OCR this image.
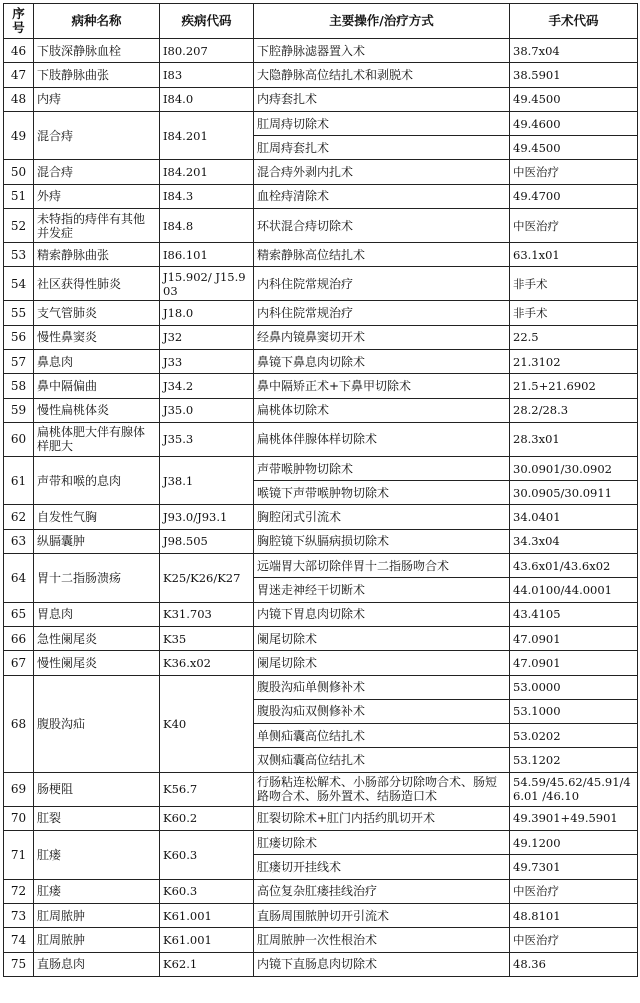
序号	病种名称	疾病代码	主要操作/治疗方式	手术代码
46	下肢深静脉血栓	I80.207	下腔静脉滤器置入术	38.7x04
47	下肢静脉曲张	I83	大隐静脉高位结扎术和剥脱术	38.5901
48	内痔	I84.0	内痔套扎术	49.4500
49	混合痔	I84.201	肛周痔切除术	49.4600
			肛周痔套扎术	49.4500
50	混合痔	I84.201	混合痔外剥内扎术	中医治疗
51	外痔	I84.3	血栓痔清除术	49.4700
52	未特指的痔伴有其他并发症	I84.8	环状混合痔切除术	中医治疗
53	精索静脉曲张	I86.101	精索静脉高位结扎术	63.1x01
54	社区获得性肺炎	J15.902/ J15.903	内科住院常规治疗	非手术
55	支气管肺炎	J18.0	内科住院常规治疗	非手术
56	慢性鼻窦炎	J32	经鼻内镜鼻窦切开术	22.5
57	鼻息肉	J33	鼻镜下鼻息肉切除术	21.3102
58	鼻中隔偏曲	J34.2	鼻中隔矫正术+下鼻甲切除术	21.5+21.6902
59	慢性扁桃体炎	J35.0	扁桃体切除术	28.2/28.3
60	扁桃体肥大伴有腺体样肥大	J35.3	扁桃体伴腺体样切除术	28.3x01
61	声带和喉的息肉	J38.1	声带喉肿物切除术	30.0901/30.0902
			喉镜下声带喉肿物切除术	30.0905/30.0911
62	自发性气胸	J93.0/J93.1	胸腔闭式引流术	34.0401
63	纵膈囊肿	J98.505	胸腔镜下纵膈病损切除术	34.3x04
64	胃十二指肠溃疡	K25/K26/K27	远端胃大部切除伴胃十二指肠吻合术	43.6x01/43.6x02
			胃迷走神经干切断术	44.0100/44.0001
65	胃息肉	K31.703	内镜下胃息肉切除术	43.4105
66	急性阑尾炎	K35	阑尾切除术	47.0901
67	慢性阑尾炎	K36.x02	阑尾切除术	47.0901
68	腹股沟疝	K40	腹股沟疝单侧修补术	53.0000
			腹股沟疝双侧修补术	53.1000
			单侧疝囊高位结扎术	53.0202
			双侧疝囊高位结扎术	53.1202
69	肠梗阻	K56.7	行肠粘连松解术、小肠部分切除吻合术、肠短路吻合术、肠外置术、结肠造口术	54.59/45.62/45.91/46.01 /46.10
70	肛裂	K60.2	肛裂切除术+肛门内括约肌切开术	49.3901+49.5901
71	肛瘘	K60.3	肛瘘切除术	49.1200
			肛瘘切开挂线术	49.7301
72	肛瘘	K60.3	高位复杂肛瘘挂线治疗	中医治疗
73	肛周脓肿	K61.001	直肠周围脓肿切开引流术	48.8101
74	肛周脓肿	K61.001	肛周脓肿一次性根治术	中医治疗
75	直肠息肉	K62.1	内镜下直肠息肉切除术	48.36
